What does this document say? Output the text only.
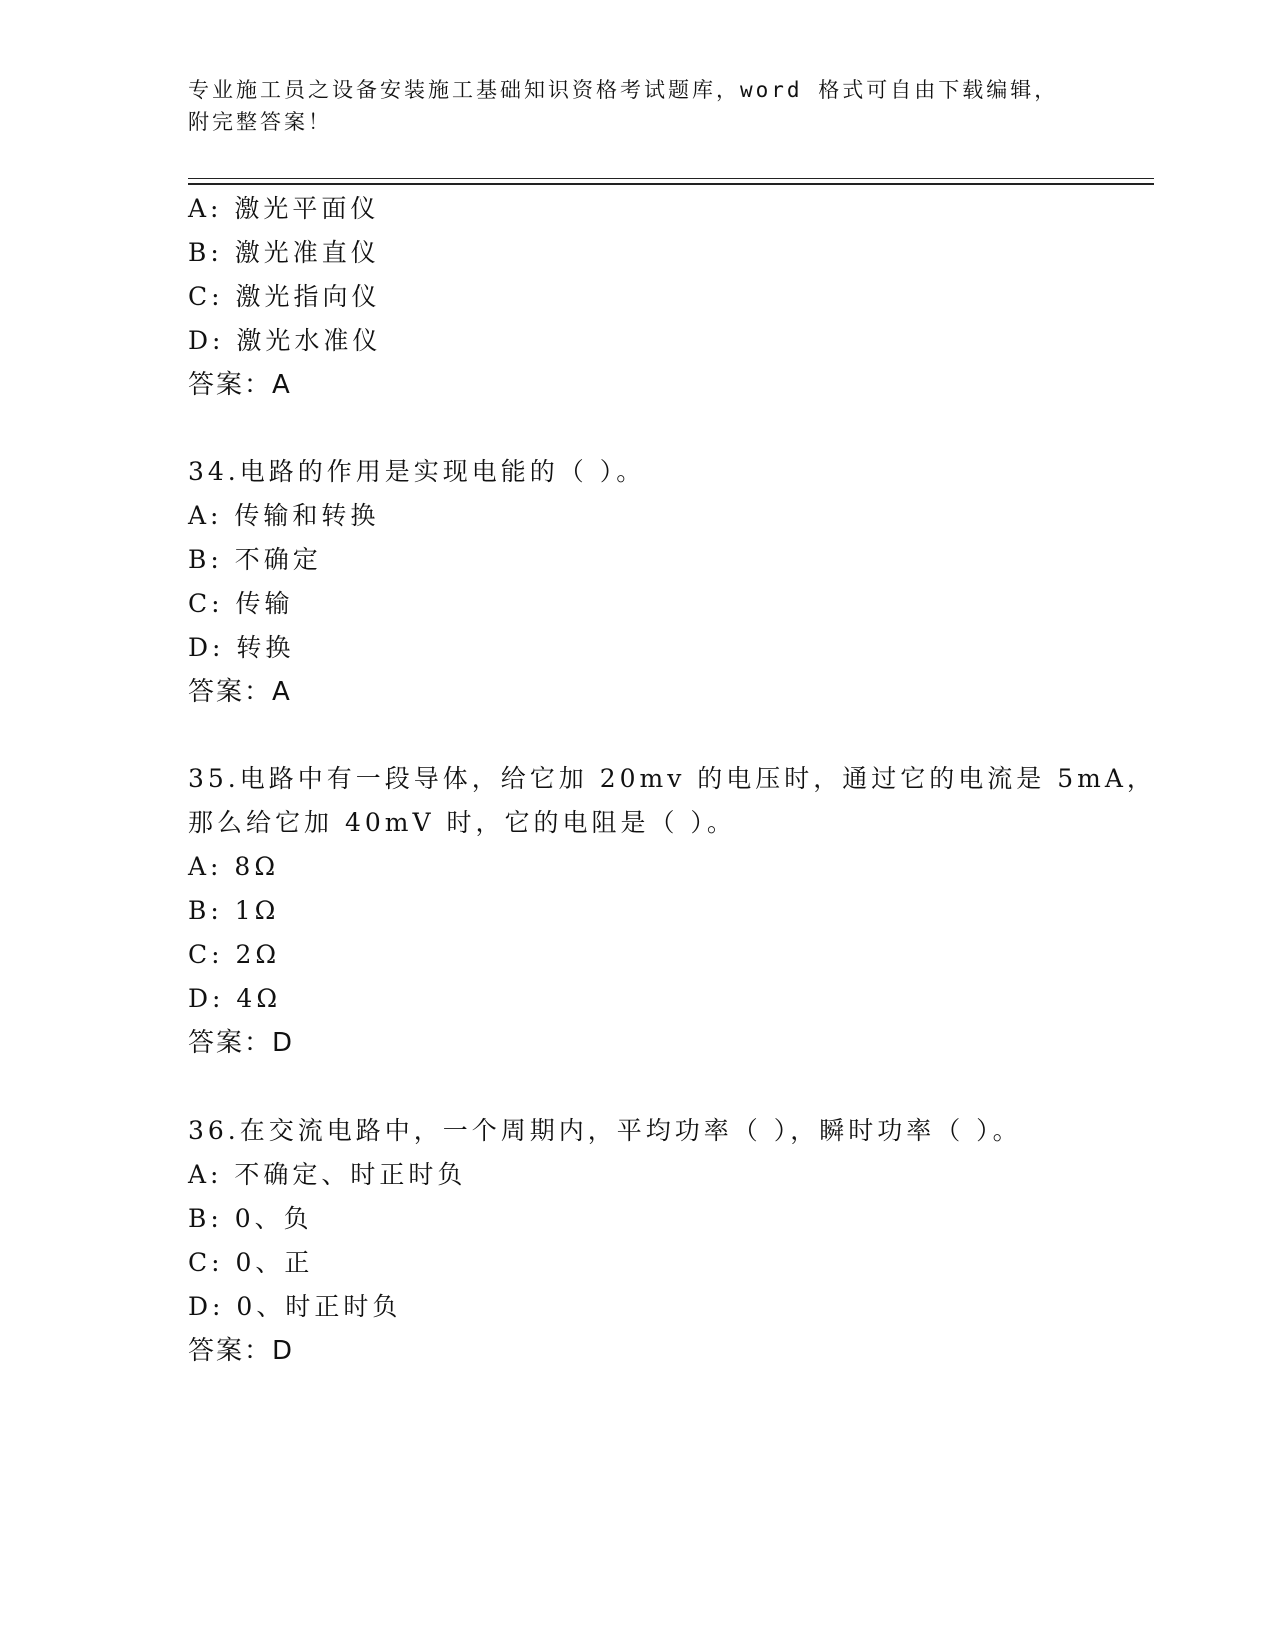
专业施工员之设备安装施工基础知识资格考试题库，word 格式可自由下载编辑，
附完整答案！
A: 激光平面仪
B: 激光准直仪
C: 激光指向仪
D: 激光水准仪
答案：A
34.电路的作用是实现电能的（ ）。
A: 传输和转换
B: 不确定
C: 传输
D: 转换
答案：A
35.电路中有一段导体，给它加 20mv 的电压时，通过它的电流是 5mA，
那么给它加 40mV 时，它的电阻是（ ）。
A: 8Ω
B: 1Ω
C: 2Ω
D: 4Ω
答案：D
36.在交流电路中，一个周期内，平均功率（ ），瞬时功率（ ）。
A: 不确定、时正时负
B: 0、负
C: 0、正
D: 0、时正时负
答案：D
